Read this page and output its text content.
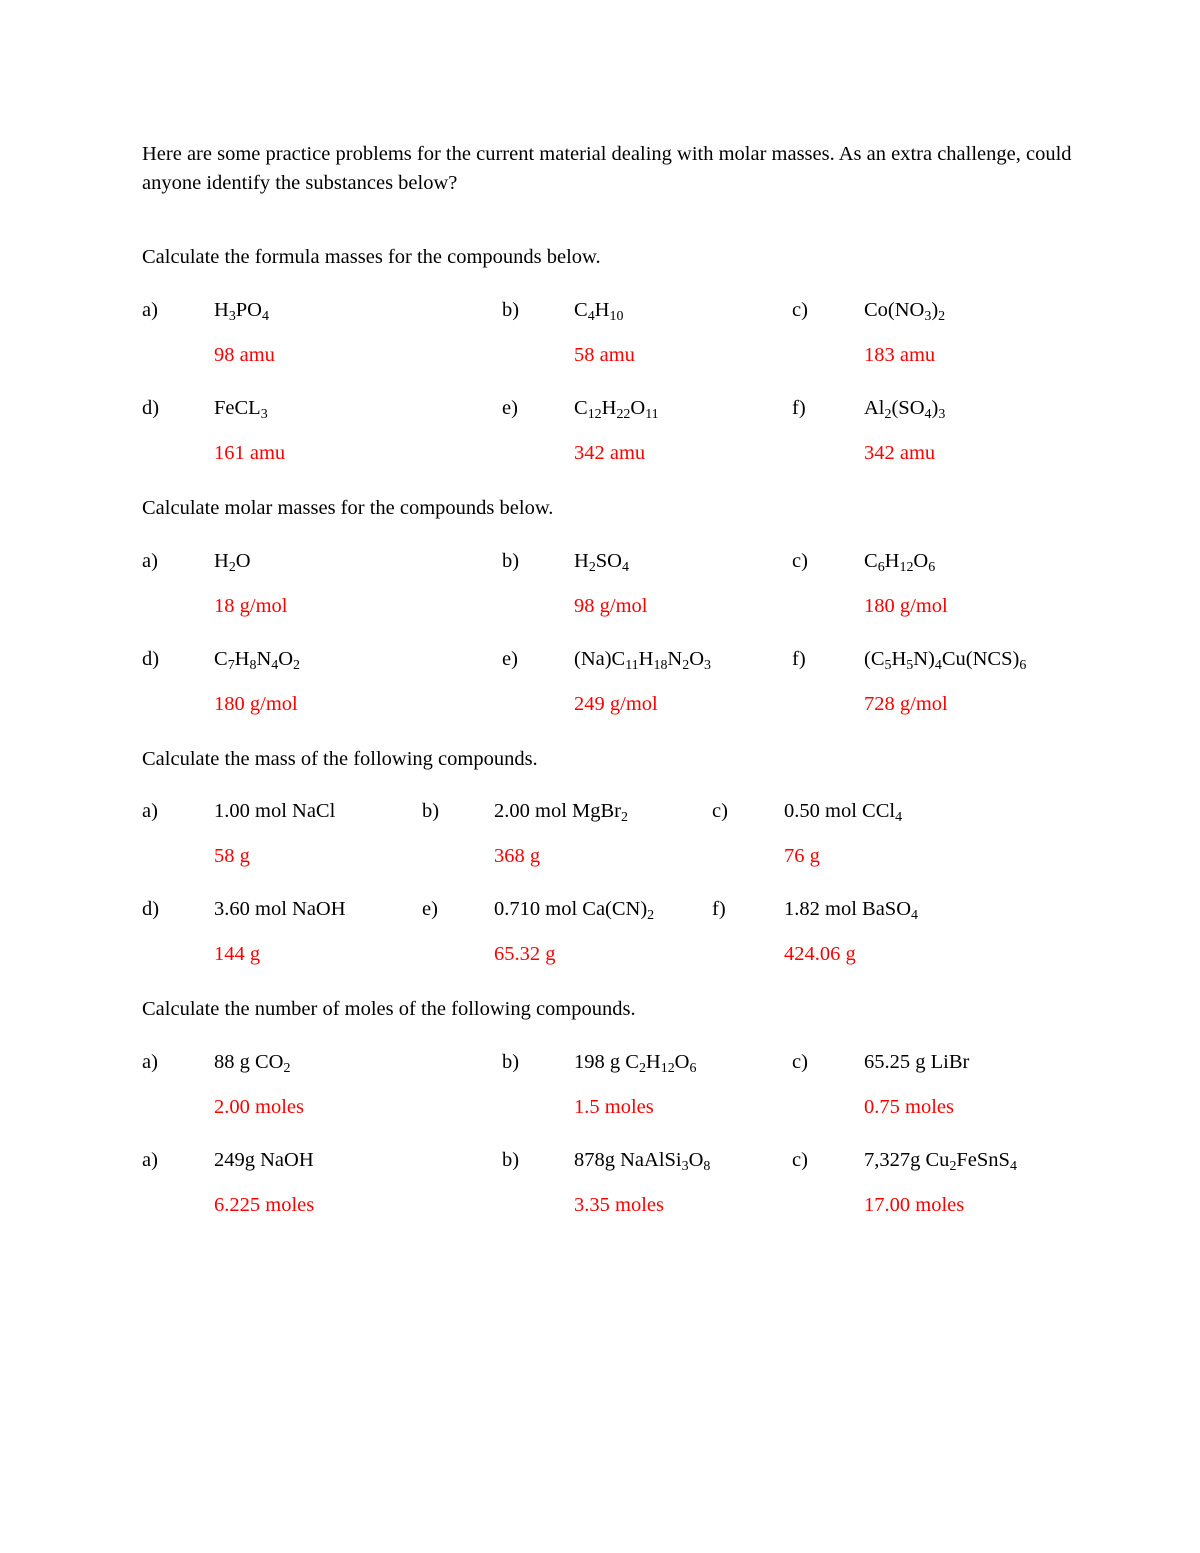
Here are some practice problems for the current material dealing with molar masses. As an extra challenge, could anyone identify the substances below?

Calculate the formula masses for the compounds below.
a)	$H_3PO_4$	b)	$C_4H_{10}$	c)	$Co(NO_3)_2$
98 amu	58 amu	183 amu
d)	FeCL$_3$	e)	$C_{12}H_{22}O_{11}$	f)	$Al_2(SO_4)_3$
161 amu	342 amu	342 amu
Calculate molar masses for the compounds below.
a)	$H_2O$	b)	$H_2SO_4$	c)	$C_6H_{12}O_6$
18 g/mol	98 g/mol	180 g/mol
d)	$C_7H_8N_4O_2$	e)	$(Na)C_{11}H_{18}N_2O_3$	f)	$(C_5H_5N)_4Cu(NCS)_6$
180 g/mol	249 g/mol	728 g/mol
Calculate the mass of the following compounds.
a)	1.00 mol NaCl	b)	2.00 mol MgBr$_2$	c)	0.50 mol CCl$_4$
58 g	368 g	76 g
d)	3.60 mol NaOH	e)	0.710 mol $Ca(CN)_2$	f)	1.82 mol BaSO$_4$
144 g	65.32 g	424.06 g
Calculate the number of moles of the following compounds.
a)	88 g $CO_2$	b)	198 g $C_2H_{12}O_6$	c)	65.25 g LiBr
2.00 moles	1.5 moles	0.75 moles
a)	249g NaOH	b)	878g $NaAlSi_3O_8$	c)	7,327g $Cu_2FeSnS_4$
6.225 moles	3.35 moles	17.00 moles
